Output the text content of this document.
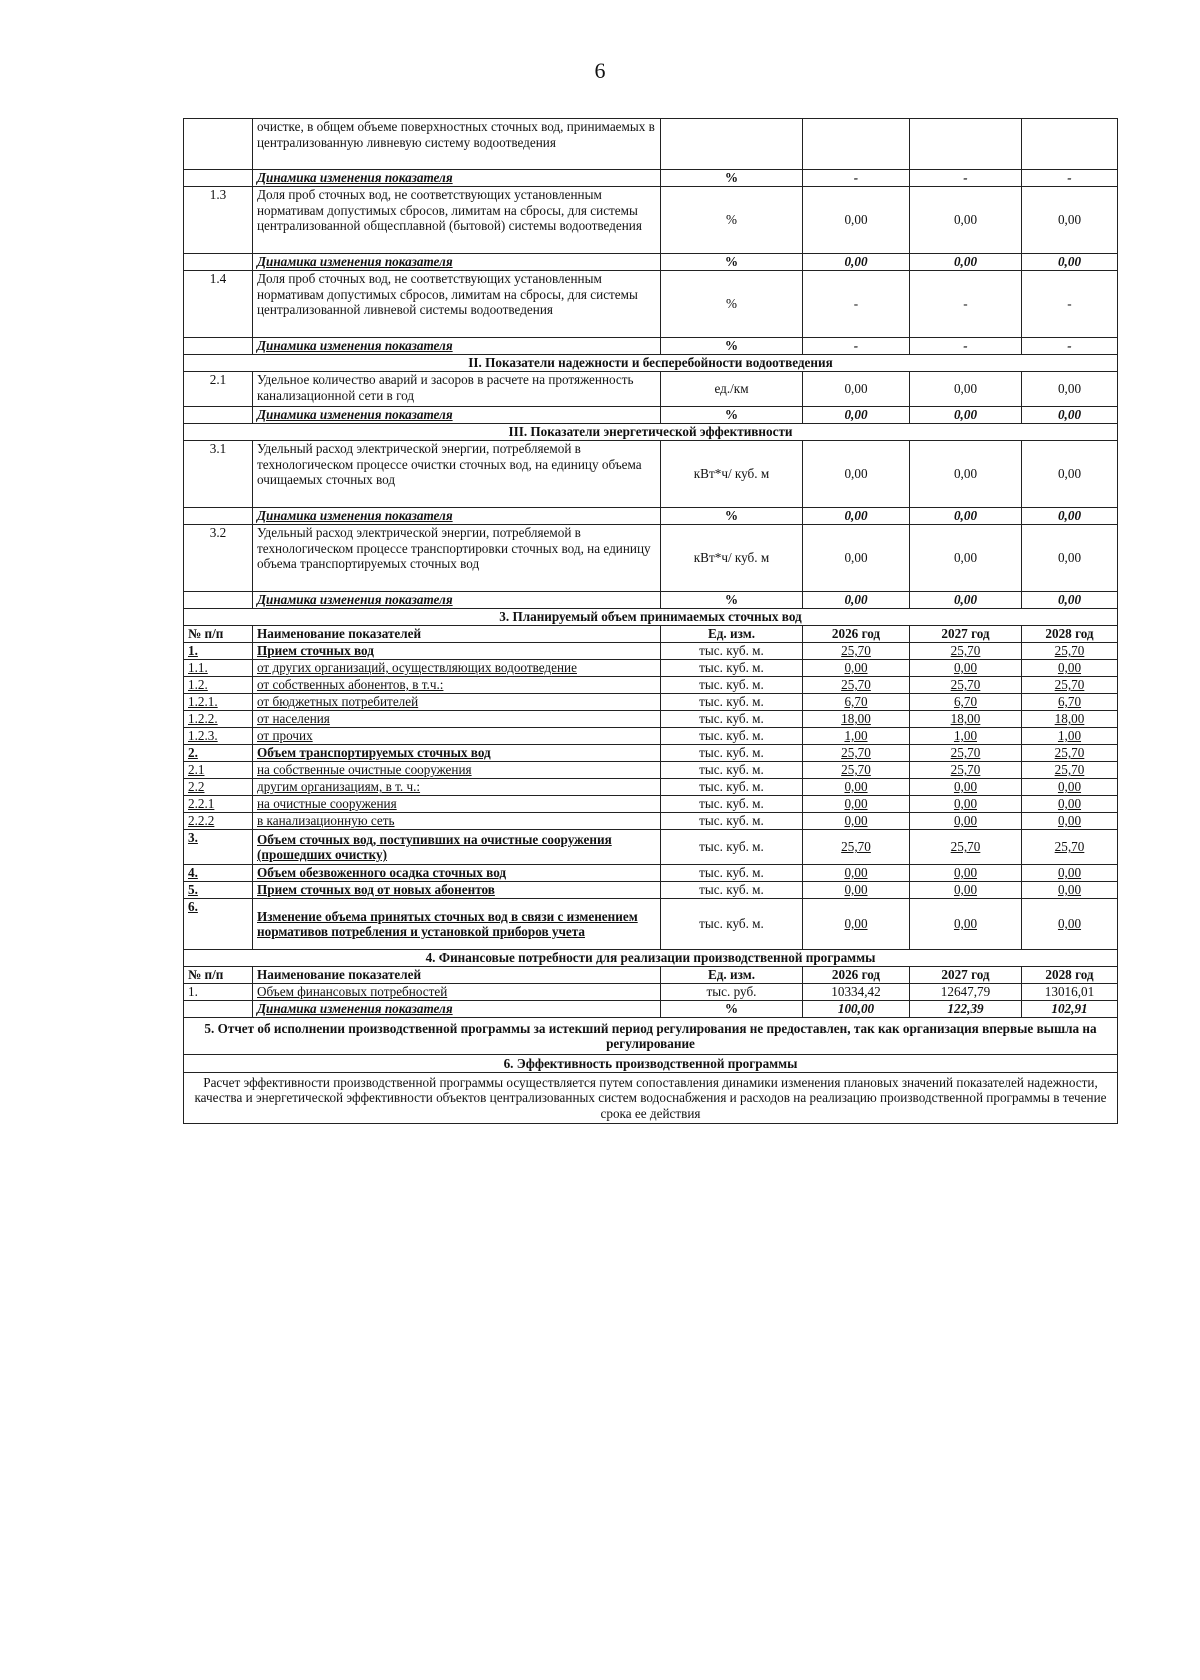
6
	очистке, в общем объеме поверхностных сточных вод, принимаемых в централизованную ливневую систему водоотведения				
	Динамика изменения показателя	%	-	-	-
1.3	Доля проб сточных вод, не соответствующих установленным нормативам допустимых сбросов, лимитам на сбросы, для системы централизованной общесплавной (бытовой) системы водоотведения	%	0,00	0,00	0,00
	Динамика изменения показателя	%	0,00	0,00	0,00
1.4	Доля проб сточных вод, не соответствующих установленным нормативам допустимых сбросов, лимитам на сбросы, для системы централизованной ливневой системы водоотведения	%	-	-	-
	Динамика изменения показателя	%	-	-	-
II. Показатели надежности и бесперебойности водоотведения					
2.1	Удельное количество аварий и засоров в расчете на протяженность канализационной сети в год	ед./км	0,00	0,00	0,00
	Динамика изменения показателя	%	0,00	0,00	0,00
III. Показатели энергетической эффективности					
3.1	Удельный расход электрической энергии, потребляемой в технологическом процессе очистки сточных вод, на единицу объема очищаемых сточных вод	кВт*ч/ куб. м	0,00	0,00	0,00
	Динамика изменения показателя	%	0,00	0,00	0,00
3.2	Удельный расход электрической энергии, потребляемой в технологическом процессе транспортировки сточных вод, на единицу объема транспортируемых сточных вод	кВт*ч/ куб. м	0,00	0,00	0,00
	Динамика изменения показателя	%	0,00	0,00	0,00
3. Планируемый объем принимаемых сточных вод					
№ п/п	Наименование показателей	Ед. изм.	2026 год	2027 год	2028 год
1.	Прием сточных вод	тыс. куб. м.	25,70	25,70	25,70
1.1.	от других организаций, осуществляющих водоотведение	тыс. куб. м.	0,00	0,00	0,00
1.2.	от собственных абонентов, в т.ч.:	тыс. куб. м.	25,70	25,70	25,70
1.2.1.	от бюджетных потребителей	тыс. куб. м.	6,70	6,70	6,70
1.2.2.	от населения	тыс. куб. м.	18,00	18,00	18,00
1.2.3.	от прочих	тыс. куб. м.	1,00	1,00	1,00
2.	Объем транспортируемых сточных вод	тыс. куб. м.	25,70	25,70	25,70
2.1	на собственные очистные сооружения	тыс. куб. м.	25,70	25,70	25,70
2.2	другим организациям, в т. ч.:	тыс. куб. м.	0,00	0,00	0,00
2.2.1	на очистные сооружения	тыс. куб. м.	0,00	0,00	0,00
2.2.2	в канализационную сеть	тыс. куб. м.	0,00	0,00	0,00
3.	Объем сточных вод, поступивших на очистные сооружения (прошедших очистку)	тыс. куб. м.	25,70	25,70	25,70
4.	Объем обезвоженного осадка сточных вод	тыс. куб. м.	0,00	0,00	0,00
5.	Прием сточных вод от новых абонентов	тыс. куб. м.	0,00	0,00	0,00
6.	Изменение объема принятых сточных вод в связи с изменением нормативов потребления и установкой приборов учета	тыс. куб. м.	0,00	0,00	0,00
4. Финансовые потребности для реализации производственной программы					
№ п/п	Наименование показателей	Ед. изм.	2026 год	2027 год	2028 год
1.	Объем финансовых потребностей	тыс. руб.	10334,42	12647,79	13016,01
	Динамика изменения показателя	%	100,00	122,39	102,91
5. Отчет об исполнении производственной программы за истекший период регулирования не предоставлен, так как организация впервые вышла на регулирование					
6. Эффективность производственной программы					
Расчет эффективности производственной программы осуществляется путем сопоставления динамики изменения плановых значений показателей надежности, качества и энергетической эффективности объектов централизованных систем водоснабжения и расходов на реализацию производственной программы в течение срока ее действия					
